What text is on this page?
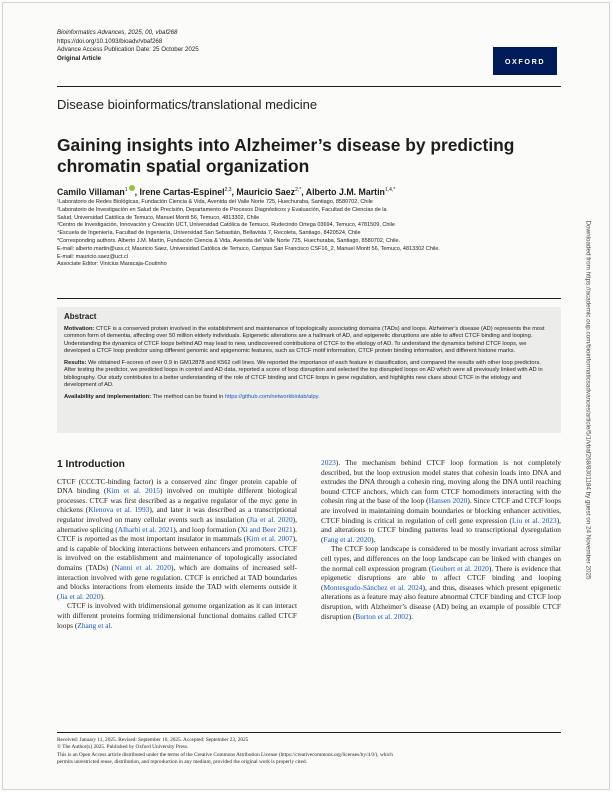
Bioinformatics Advances, 2025, 00, vbaf268
https://doi.org/10.1093/bioadv/vbaf268
Advance Access Publication Date: 25 October 2025
Original Article	OXFORD
Disease bioinformatics/translational medicine
Gaining insights into Alzheimer’s disease by predicting chromatin spatial organization
Camilo Villaman$^1$ , Irene Cartas-Espinel$^{2,3}$, Mauricio Saez$^{2,*}$, Alberto J.M. Martin$^{1,4,*}$
¹Laboratorio de Redes Biológicas, Fundación Ciencia & Vida, Avenida del Valle Norte 725, Huechuraba, Santiago, 8580702, Chile
²Laboratorio de Investigación en Salud de Precisión, Departamento de Procesos Diagnósticos y Evaluación, Facultad de Ciencias de la
Salud, Universidad Católica de Temuco, Manuel Montt 56, Temuco, 4813302, Chile
³Centro de Investigación, Innovación y Creación UCT, Universidad Católica de Temuco, Rudecindo Ortega 03694, Temuco, 4781509, Chile
⁴Escuela de Ingeniería, Facultad de Ingeniería, Universidad San Sebastián, Bellavista 7, Recoleta, Santiago, 8420524, Chile
*Corresponding authors. Alberto J.M. Martin, Fundación Ciencia & Vida, Avenida del Valle Norte 725, Huechuraba, Santiago, 8580702, Chile.
E-mail: alberto.martin@uss.cl; Mauricio Saez, Universidad Católica de Temuco, Campus San Francisco CSF16_2, Manuel Montt 56, Temuco, 4813302 Chile.
E-mail: mauricio.saez@uct.cl
Associate Editor: Vinicius Maracaja-Coutinho
Abstract

Motivation: CTCF is a conserved protein involved in the establishment and maintenance of topologically associating domains (TADs) and loops. Alzheimer’s disease (AD) represents the most common form of dementia, affecting over 50 million elderly individuals. Epigenetic alterations are a hallmark of AD, and epigenetic disruptions are able to affect CTCF binding and looping. Understanding the dynamics of CTCF loops behind AD may lead to new, undiscovered contributions of CTCF to the etiology of AD. To understand the dynamics behind CTCF loops, we developed a CTCF loop predictor using different genomic and epigenomic features, such as CTCF motif information, CTCF protein binding information, and different histone marks.

Results: We obtained F-scores of over 0.9 in GM12878 and K562 cell lines. We reported the importance of each feature in classification, and compared the results with other loop predictors. After testing the predictor, we predicted loops in control and AD data, reported a score of loop disruption and selected the top disrupted loops on AD which were all previously linked with AD in bibliography. Our study contributes to a better understanding of the role of CTCF binding and CTCF loops in gene regulation, and highlights new clues about CTCF in the etiology and development of AD.

Availability and implementation: The method can be found in https://github.com/networkbiolab/alpy.

1 Introduction

CTCF (CCCTC-binding factor) is a conserved zinc finger protein capable of DNA binding (Kim et al. 2015) involved on multiple different biological processes. CTCF was first described as a negative regulator of the myc gene in chickens (Klenova et al. 1993), and later it was described as a transcriptional regulator involved on many cellular events such as insulation (Jia et al. 2020), alternative splicing (Alharbi et al. 2021), and loop formation (Xi and Beer 2021). CTCF is reported as the most important insulator in mammals (Kim et al. 2007), and is capable of blocking interactions between enhancers and promoters. CTCF is involved on the establishment and maintenance of topologically associated domains (TADs) (Nanni et al. 2020), which are domains of increased self-interaction involved with gene regulation. CTCF is enriched at TAD boundaries and blocks interactions from elements inside the TAD with elements outside it (Jia et al. 2020).

CTCF is involved with tridimensional genome organization as it can interact with different proteins forming tridimensional functional domains called CTCF loops (Zhang et al.

2023). The mechanism behind CTCF loop formation is not completely described, but the loop extrusion model states that cohesin loads into DNA and extrudes the DNA through a cohesin ring, moving along the DNA until reaching bound CTCF anchors, which can form CTCF homodimers interacting with the cohesin ring at the base of the loop (Hansen 2020). Since CTCF and CTCF loops are involved in maintaining domain boundaries or blocking enhancer activities, CTCF binding is critical in regulation of cell gene expression (Liu et al. 2023), and alterations to CTCF binding patterns lead to transcriptional dysregulation (Fang et al. 2020).

The CTCF loop landscape is considered to be mostly invariant across similar cell types, and differences on the loop landscape can be linked with changes on the normal cell expression program (Geubert et al. 2020). There is evidence that epigenetic disruptions are able to affect CTCF binding and looping (Montesgudo-Sánchez et al. 2024), and thus, diseases which present epigenetic alterations as a feature may also feature abnormal CTCF binding and CTCF loop disruption, with Alzheimer’s disease (AD) being an example of possible CTCF disruption (Burton et al. 2002).

Received: January 11, 2025. Revised: September 16, 2025. Accepted: September 23, 2025
© The Author(s) 2025. Published by Oxford University Press.
This is an Open Access article distributed under the terms of the Creative Commons Attribution License (https://creativecommons.org/licenses/by/4.0/), which
permits unrestricted reuse, distribution, and reproduction in any medium, provided the original work is properly cited.
Downloaded from https://academic.oup.com/bioinformaticsadvances/article/5/1/vbaf268/8301184 by guest on 24 November 2025
